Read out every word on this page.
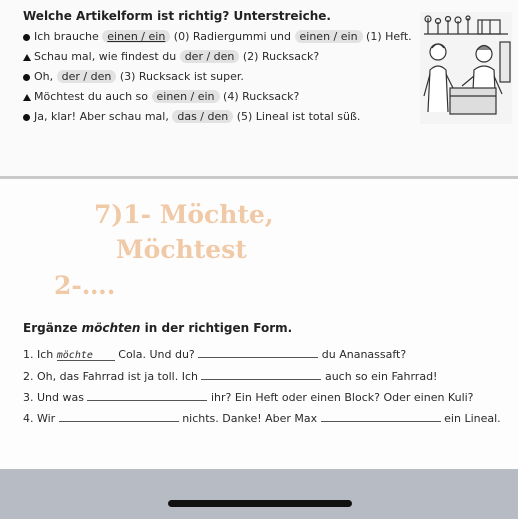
Welche Artikelform ist richtig? Unterstreiche.
Ich brauche einen / ein (0) Radiergummi und einen / ein (1) Heft.
Schau mal, wie findest du der / den (2) Rucksack?
Oh, der / den (3) Rucksack ist super.
Möchtest du auch so einen / ein (4) Rucksack?
Ja, klar! Aber schau mal, das / den (5) Lineal ist total süß.
7)1- Möchte,
Möchtest
2-….
Ergänze möchten in der richtigen Form.
1. Ich möchte Cola. Und du?	du Ananassaft?
2. Oh, das Fahrrad ist ja toll. Ich	auch so ein Fahrrad!
3. Und was	ihr? Ein Heft oder einen Block? Oder einen Kuli?
4. Wir	nichts. Danke! Aber Max	ein Lineal.
